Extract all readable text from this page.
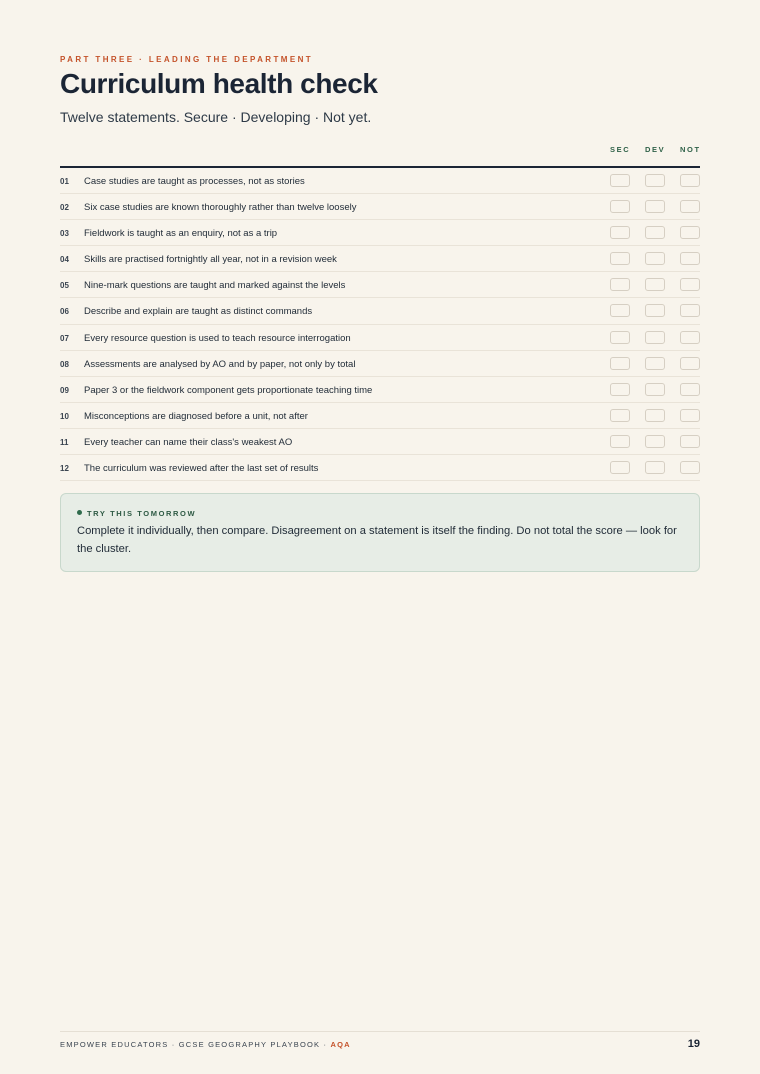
PART THREE · LEADING THE DEPARTMENT
Curriculum health check
Twelve statements. Secure · Developing · Not yet.
SEC DEV NOT
01 Case studies are taught as processes, not as stories
02 Six case studies are known thoroughly rather than twelve loosely
03 Fieldwork is taught as an enquiry, not as a trip
04 Skills are practised fortnightly all year, not in a revision week
05 Nine-mark questions are taught and marked against the levels
06 Describe and explain are taught as distinct commands
07 Every resource question is used to teach resource interrogation
08 Assessments are analysed by AO and by paper, not only by total
09 Paper 3 or the fieldwork component gets proportionate teaching time
10 Misconceptions are diagnosed before a unit, not after
11 Every teacher can name their class's weakest AO
12 The curriculum was reviewed after the last set of results
TRY THIS TOMORROW
Complete it individually, then compare. Disagreement on a statement is itself the finding. Do not total the score — look for the cluster.
EMPOWER EDUCATORS · GCSE GEOGRAPHY PLAYBOOK · AQA	19
